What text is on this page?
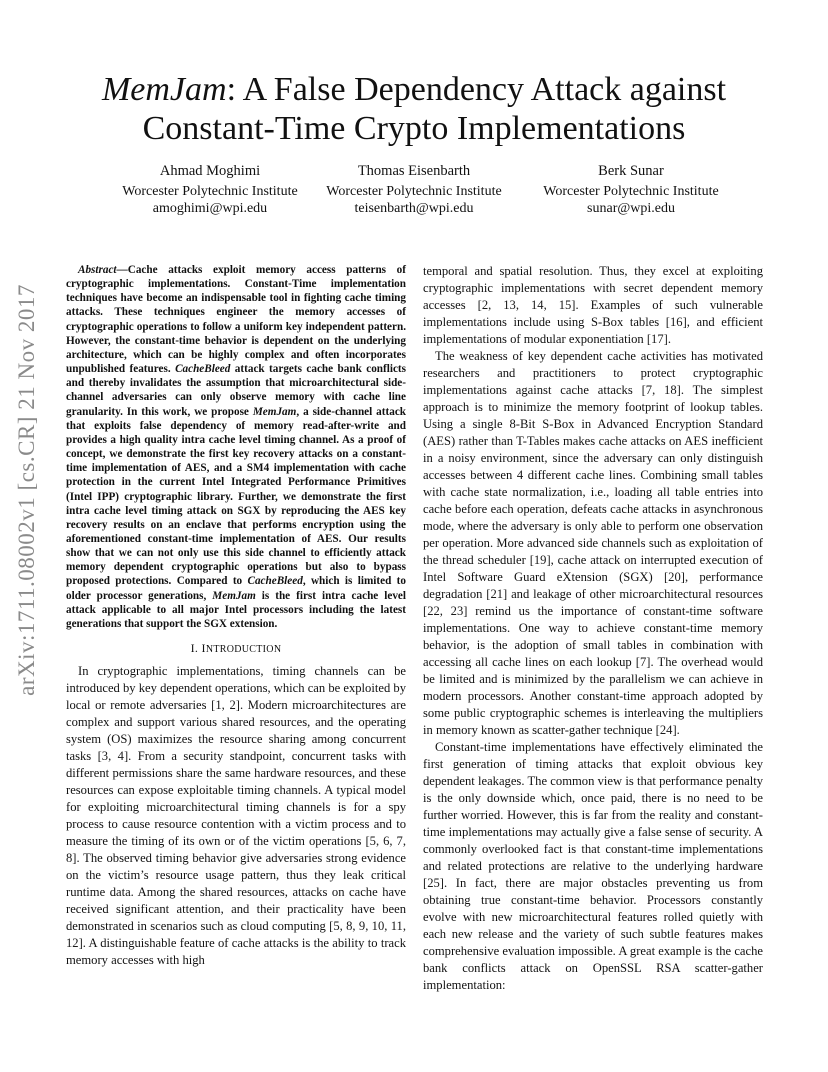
arXiv:1711.08002v1 [cs.CR] 21 Nov 2017
MemJam: A False Dependency Attack against
Constant-Time Crypto Implementations
Ahmad Moghimi
Worcester Polytechnic Institute
amoghimi@wpi.edu
Thomas Eisenbarth
Worcester Polytechnic Institute
teisenbarth@wpi.edu
Berk Sunar
Worcester Polytechnic Institute
sunar@wpi.edu

Abstract—Cache attacks exploit memory access patterns of cryptographic implementations. Constant-Time implementation techniques have become an indispensable tool in fighting cache timing attacks. These techniques engineer the memory accesses of cryptographic operations to follow a uniform key independent pattern. However, the constant-time behavior is dependent on the underlying architecture, which can be highly complex and often incorporates unpublished features. CacheBleed attack targets cache bank conflicts and thereby invalidates the assumption that microarchitectural side-channel adversaries can only observe memory with cache line granularity. In this work, we propose MemJam, a side-channel attack that exploits false dependency of memory read-after-write and provides a high quality intra cache level timing channel. As a proof of concept, we demonstrate the first key recovery attacks on a constant-time implementation of AES, and a SM4 implementation with cache protection in the current Intel Integrated Performance Primitives (Intel IPP) cryptographic library. Further, we demonstrate the first intra cache level timing attack on SGX by reproducing the AES key recovery results on an enclave that performs encryption using the aforementioned constant-time implementation of AES. Our results show that we can not only use this side channel to efficiently attack memory dependent cryptographic operations but also to bypass proposed protections. Compared to CacheBleed, which is limited to older processor generations, MemJam is the first intra cache level attack applicable to all major Intel processors including the latest generations that support the SGX extension.

I. INTRODUCTION

In cryptographic implementations, timing channels can be introduced by key dependent operations, which can be exploited by local or remote adversaries [1, 2]. Modern microarchitectures are complex and support various shared resources, and the operating system (OS) maximizes the resource sharing among concurrent tasks [3, 4]. From a security standpoint, concurrent tasks with different permissions share the same hardware resources, and these resources can expose exploitable timing channels. A typical model for exploiting microarchitectural timing channels is for a spy process to cause resource contention with a victim process and to measure the timing of its own or of the victim operations [5, 6, 7, 8]. The observed timing behavior give adversaries strong evidence on the victim’s resource usage pattern, thus they leak critical runtime data. Among the shared resources, attacks on cache have received significant attention, and their practicality have been demonstrated in scenarios such as cloud computing [5, 8, 9, 10, 11, 12]. A distinguishable feature of cache attacks is the ability to track memory accesses with high

temporal and spatial resolution. Thus, they excel at exploiting cryptographic implementations with secret dependent memory accesses [2, 13, 14, 15]. Examples of such vulnerable implementations include using S-Box tables [16], and efficient implementations of modular exponentiation [17].

The weakness of key dependent cache activities has motivated researchers and practitioners to protect cryptographic implementations against cache attacks [7, 18]. The simplest approach is to minimize the memory footprint of lookup tables. Using a single 8-Bit S-Box in Advanced Encryption Standard (AES) rather than T-Tables makes cache attacks on AES inefficient in a noisy environment, since the adversary can only distinguish accesses between 4 different cache lines. Combining small tables with cache state normalization, i.e., loading all table entries into cache before each operation, defeats cache attacks in asynchronous mode, where the adversary is only able to perform one observation per operation. More advanced side channels such as exploitation of the thread scheduler [19], cache attack on interrupted execution of Intel Software Guard eXtension (SGX) [20], performance degradation [21] and leakage of other microarchitectural resources [22, 23] remind us the importance of constant-time software implementations. One way to achieve constant-time memory behavior, is the adoption of small tables in combination with accessing all cache lines on each lookup [7]. The overhead would be limited and is minimized by the parallelism we can achieve in modern processors. Another constant-time approach adopted by some public cryptographic schemes is interleaving the multipliers in memory known as scatter-gather technique [24].

Constant-time implementations have effectively eliminated the first generation of timing attacks that exploit obvious key dependent leakages. The common view is that performance penalty is the only downside which, once paid, there is no need to be further worried. However, this is far from the reality and constant-time implementations may actually give a false sense of security. A commonly overlooked fact is that constant-time implementations and related protections are relative to the underlying hardware [25]. In fact, there are major obstacles preventing us from obtaining true constant-time behavior. Processors constantly evolve with new microarchitectural features rolled quietly with each new release and the variety of such subtle features makes comprehensive evaluation impossible. A great example is the cache bank conflicts attack on OpenSSL RSA scatter-gather implementation:
